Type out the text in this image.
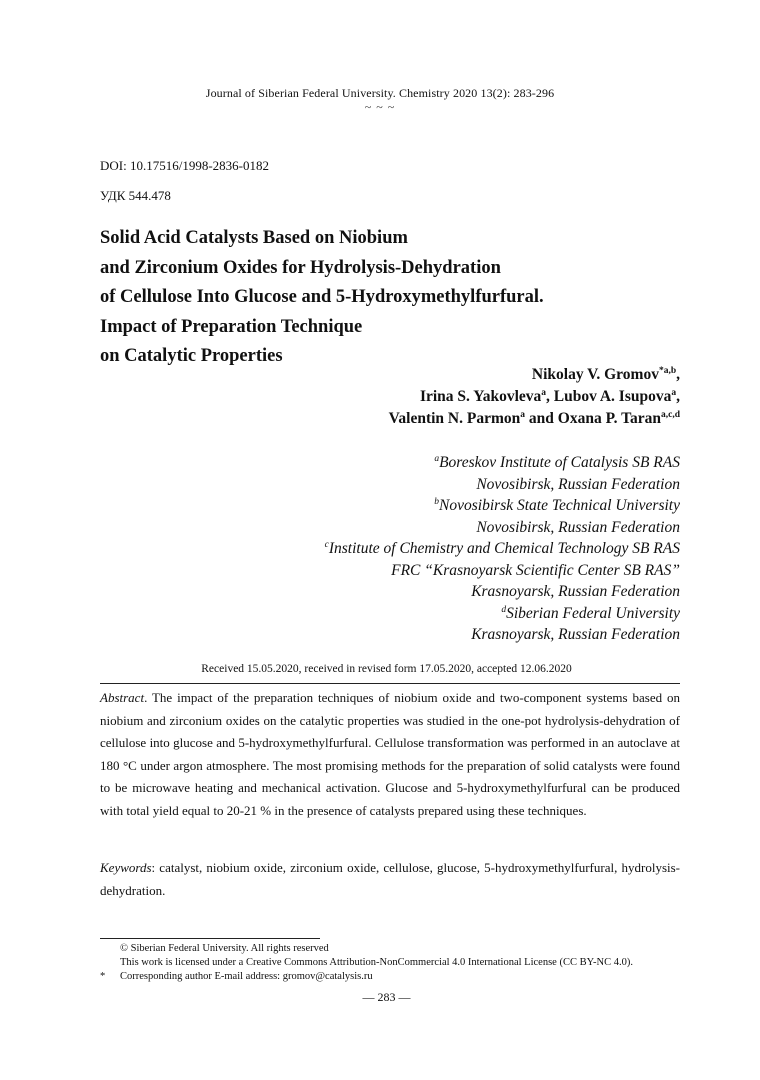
Journal of Siberian Federal University. Chemistry 2020 13(2): 283-296
~ ~ ~
DOI: 10.17516/1998-2836-0182
УДК 544.478
Solid Acid Catalysts Based on Niobium
and Zirconium Oxides for Hydrolysis-Dehydration
of Cellulose Into Glucose and 5-Hydroxymethylfurfural.
Impact of Preparation Technique
on Catalytic Properties
Nikolay V. Gromov$^{*a,b}$,
Irina S. Yakovleva$^a$, Lubov A. Isupova$^a$,
Valentin N. Parmon$^a$ and Oxana P. Taran$^{a,c,d}$
$^a$Boreskov Institute of Catalysis SB RAS
Novosibirsk, Russian Federation
$^b$Novosibirsk State Technical University
Novosibirsk, Russian Federation
$^c$Institute of Chemistry and Chemical Technology SB RAS
FRC “Krasnoyarsk Scientific Center SB RAS”
Krasnoyarsk, Russian Federation
$^d$Siberian Federal University
Krasnoyarsk, Russian Federation
Received 15.05.2020, received in revised form 17.05.2020, accepted 12.06.2020
Abstract. The impact of the preparation techniques of niobium oxide and two-component systems based on niobium and zirconium oxides on the catalytic properties was studied in the one-pot hydrolysis-dehydration of cellulose into glucose and 5-hydroxymethylfurfural. Cellulose transformation was performed in an autoclave at 180 °C under argon atmosphere. The most promising methods for the preparation of solid catalysts were found to be microwave heating and mechanical activation. Glucose and 5-hydroxymethylfurfural can be produced with total yield equal to 20-21 % in the presence of catalysts prepared using these techniques.
Keywords: catalyst, niobium oxide, zirconium oxide, cellulose, glucose, 5-hydroxymethylfurfural, hydrolysis-dehydration.
© Siberian Federal University. All rights reserved
This work is licensed under a Creative Commons Attribution-NonCommercial 4.0 International License (CC BY-NC 4.0).
* Corresponding author E-mail address: gromov@catalysis.ru
— 283 —
